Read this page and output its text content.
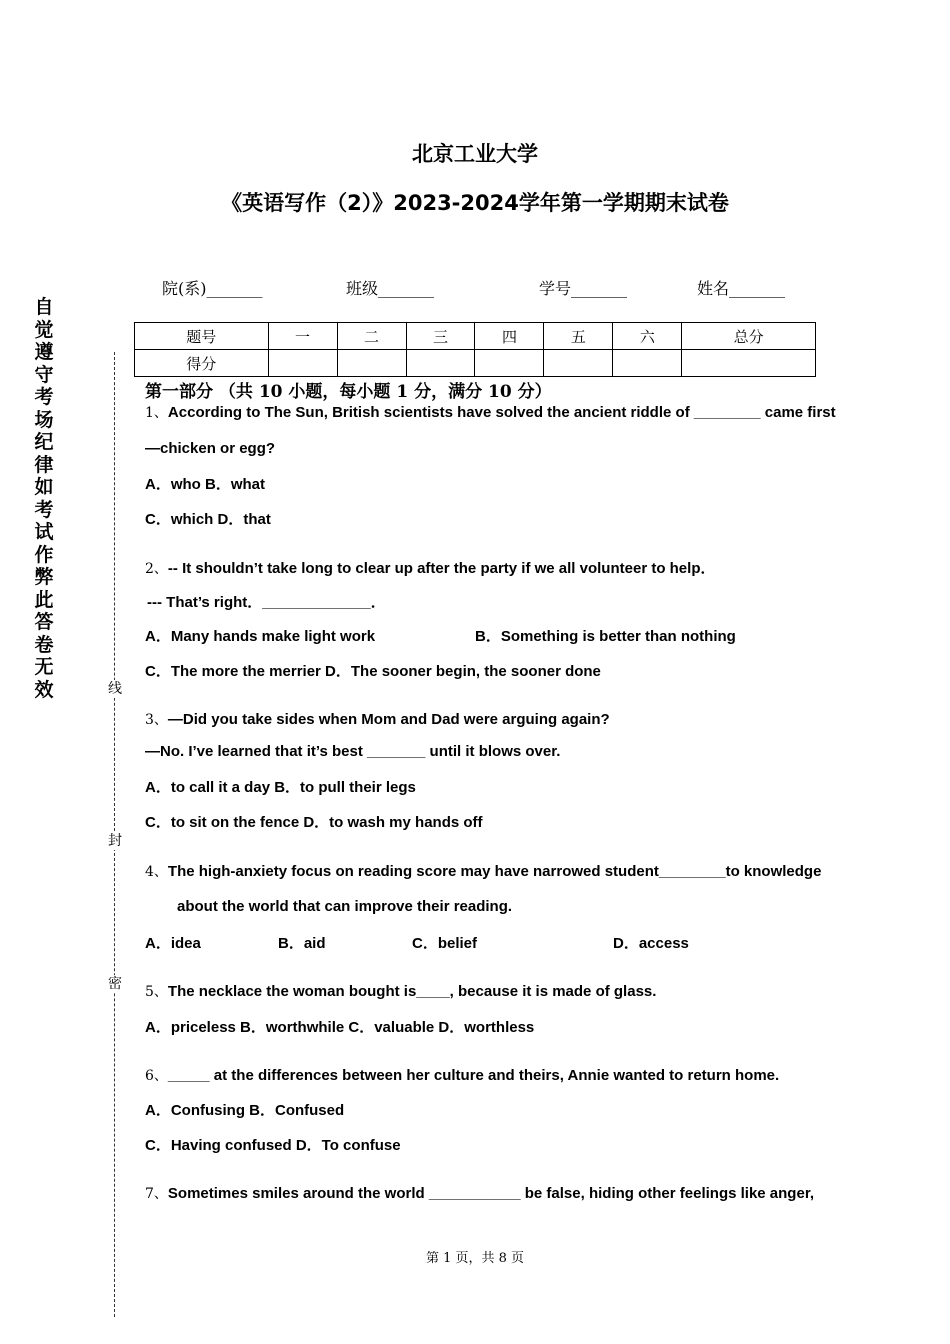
北京工业大学
《英语写作（2）》2023-2024学年第一学期期末试卷
院(系)_______	班级_______	学号_______	姓名_______
自觉遵守考场纪律如考试作弊此答卷无效	线
封
密
题号	一	二	三	四	五	六	总分
得分							
第一部分 （共 10 小题，每小题 1 分，满分 10 分）
1、According to The Sun, British scientists have solved the ancient riddle of ________ came first
—chicken or egg?
A．who B．what
C．which D．that
2、-- It shouldn’t take long to clear up after the party if we all volunteer to help．
--- That’s right．_____________．
A．Many hands make light work	B．Something is better than nothing
C．The more the merrier D．The sooner begin, the sooner done
3、—Did you take sides when Mom and Dad were arguing again?
—No. I’ve learned that it’s best _______ until it blows over.
A．to call it a day B．to pull their legs
C．to sit on the fence D．to wash my hands off
4、The high-anxiety focus on reading score may have narrowed student________to knowledge
about the world that can improve their reading.
A．idea	B．aid	C．belief	D．access
5、The necklace the woman bought is____, because it is made of glass.
A．priceless B．worthwhile C．valuable D．worthless
6、_____ at the differences between her culture and theirs, Annie wanted to return home.
A．Confusing B．Confused
C．Having confused D．To confuse
7、Sometimes smiles around the world ___________ be false, hiding other feelings like anger,
第 1 页，共 8 页
